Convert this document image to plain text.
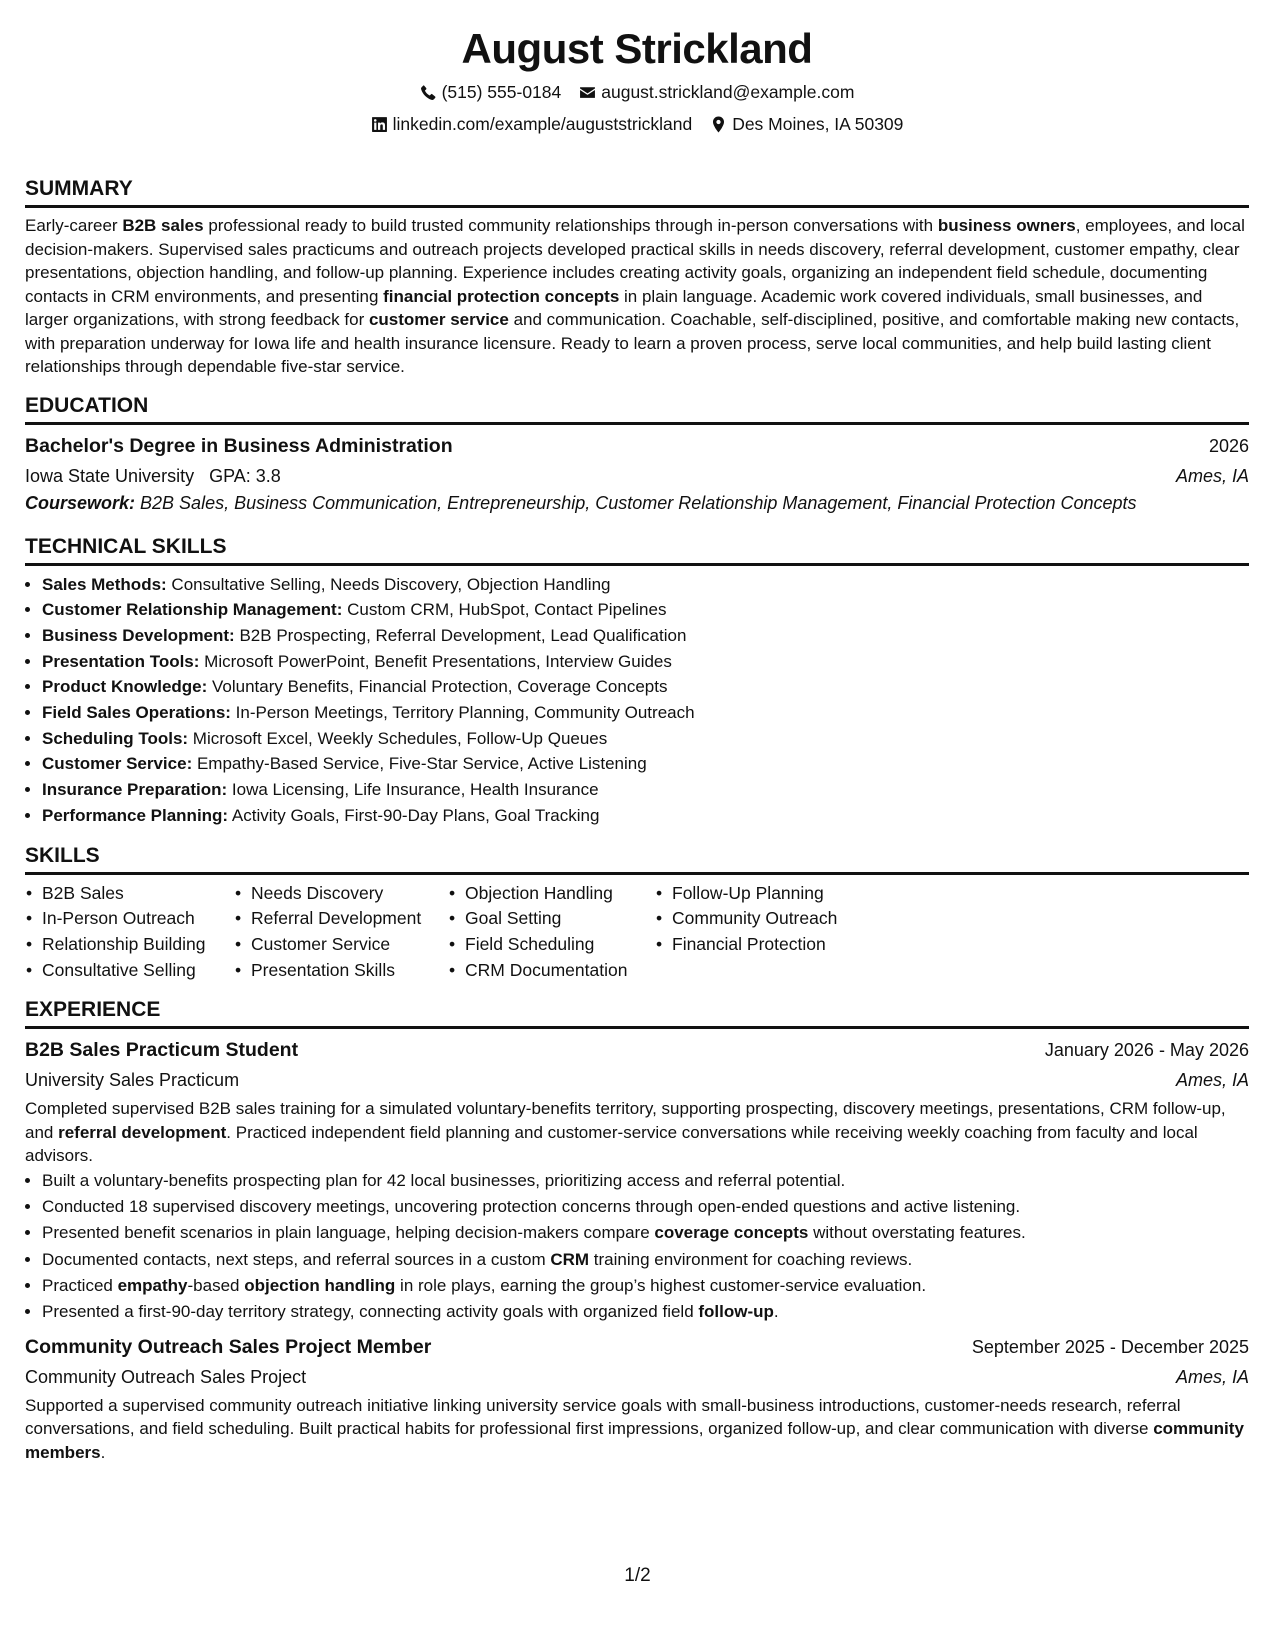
August Strickland
(515) 555-0184 august.strickland@example.com
linkedin.com/example/auguststrickland Des Moines, IA 50309
SUMMARY

Early-career B2B sales professional ready to build trusted community relationships through in-person conversations with business owners, employees, and local decision-makers. Supervised sales practicums and outreach projects developed practical skills in needs discovery, referral development, customer empathy, clear presentations, objection handling, and follow-up planning. Experience includes creating activity goals, organizing an independent field schedule, documenting contacts in CRM environments, and presenting financial protection concepts in plain language. Academic work covered individuals, small businesses, and larger organizations, with strong feedback for customer service and communication. Coachable, self-disciplined, positive, and comfortable making new contacts, with preparation underway for Iowa life and health insurance licensure. Ready to learn a proven process, serve local communities, and help build lasting client relationships through dependable five-star service.

EDUCATION
Bachelor's Degree in Business Administration	2026
Iowa State University GPA: 3.8	Ames, IA
Coursework: B2B Sales, Business Communication, Entrepreneurship, Customer Relationship Management, Financial Protection Concepts
TECHNICAL SKILLS
• Sales Methods: Consultative Selling, Needs Discovery, Objection Handling
• Customer Relationship Management: Custom CRM, HubSpot, Contact Pipelines
• Business Development: B2B Prospecting, Referral Development, Lead Qualification
• Presentation Tools: Microsoft PowerPoint, Benefit Presentations, Interview Guides
• Product Knowledge: Voluntary Benefits, Financial Protection, Coverage Concepts
• Field Sales Operations: In-Person Meetings, Territory Planning, Community Outreach
• Scheduling Tools: Microsoft Excel, Weekly Schedules, Follow-Up Queues
• Customer Service: Empathy-Based Service, Five-Star Service, Active Listening
• Insurance Preparation: Iowa Licensing, Life Insurance, Health Insurance
• Performance Planning: Activity Goals, First-90-Day Plans, Goal Tracking
SKILLS
• B2B Sales
• In-Person Outreach
• Relationship Building
• Consultative Selling
• Needs Discovery
• Referral Development
• Customer Service
• Presentation Skills
• Objection Handling
• Goal Setting
• Field Scheduling
• CRM Documentation
• Follow-Up Planning
• Community Outreach
• Financial Protection
EXPERIENCE
B2B Sales Practicum Student	January 2026 - May 2026
University Sales Practicum	Ames, IA

Completed supervised B2B sales training for a simulated voluntary-benefits territory, supporting prospecting, discovery meetings, presentations, CRM follow-up, and referral development. Practiced independent field planning and customer-service conversations while receiving weekly coaching from faculty and local advisors.

• Built a voluntary-benefits prospecting plan for 42 local businesses, prioritizing access and referral potential.
• Conducted 18 supervised discovery meetings, uncovering protection concerns through open-ended questions and active listening.
• Presented benefit scenarios in plain language, helping decision-makers compare coverage concepts without overstating features.
• Documented contacts, next steps, and referral sources in a custom CRM training environment for coaching reviews.
• Practiced empathy-based objection handling in role plays, earning the group’s highest customer-service evaluation.
• Presented a first-90-day territory strategy, connecting activity goals with organized field follow-up.
Community Outreach Sales Project Member	September 2025 - December 2025
Community Outreach Sales Project	Ames, IA

Supported a supervised community outreach initiative linking university service goals with small-business introductions, customer-needs research, referral conversations, and field scheduling. Built practical habits for professional first impressions, organized follow-up, and clear communication with diverse community members.

1/2
